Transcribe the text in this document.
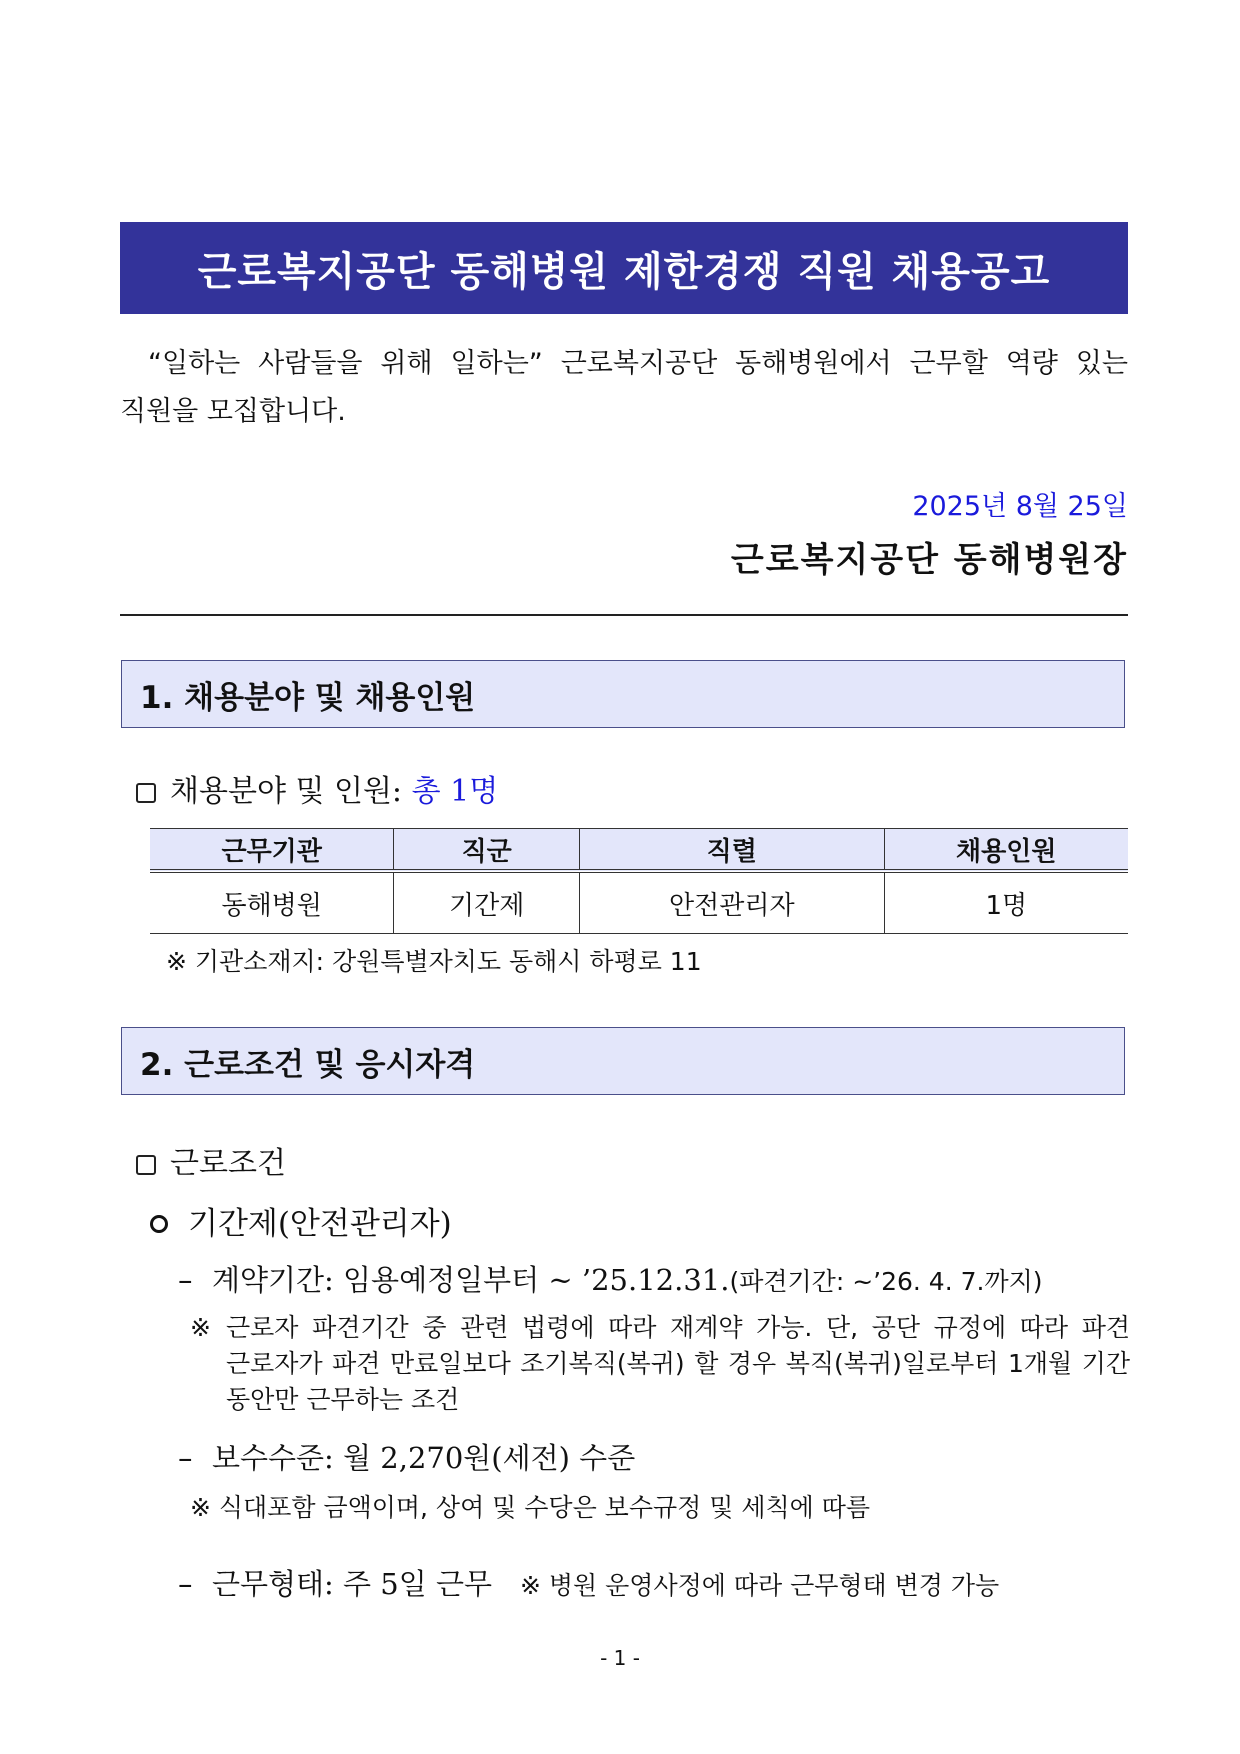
근로복지공단 동해병원 제한경쟁 직원 채용공고
“일하는 사람들을 위해 일하는” 근로복지공단 동해병원에서 근무할 역량 있는
직원을 모집합니다.
2025년 8월 25일
근로복지공단 동해병원장
1. 채용분야 및 채용인원
채용분야 및 인원: 총 1명
근무기관	직군	직렬	채용인원
동해병원	기간제	안전관리자	1명
※ 기관소재지: 강원특별자치도 동해시 하평로 11
2. 근로조건 및 응시자격
근로조건
기간제(안전관리자)
– 계약기간: 임용예정일부터 ~ ’25.12.31.(파견기간: ~’26. 4. 7.까지)
※ 근로자 파견기간 중 관련 법령에 따라 재계약 가능. 단, 공단 규정에 따라 파견
근로자가 파견 만료일보다 조기복직(복귀) 할 경우 복직(복귀)일로부터 1개월 기간
동안만 근무하는 조건
– 보수수준: 월 2,270원(세전) 수준
※ 식대포함 금액이며, 상여 및 수당은 보수규정 및 세칙에 따름
– 근무형태: 주 5일 근무 ※ 병원 운영사정에 따라 근무형태 변경 가능
- 1 -
